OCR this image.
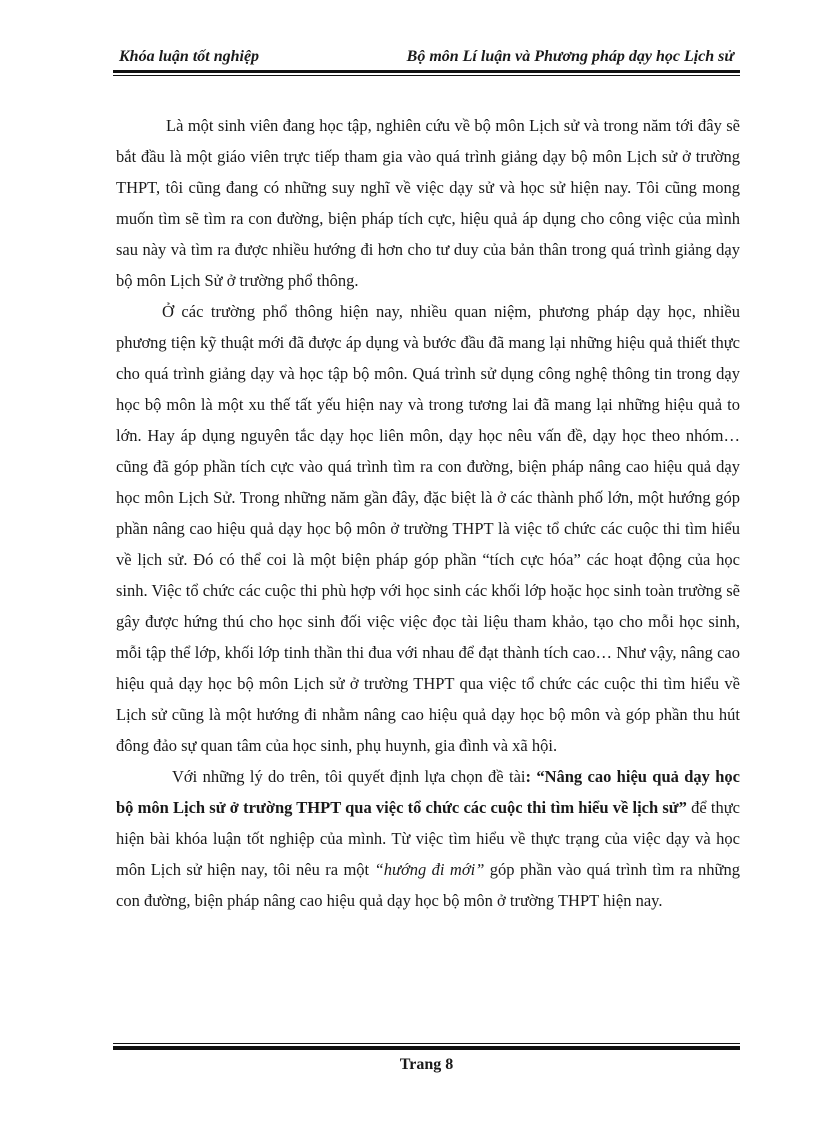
Khóa luận tốt nghiệp	Bộ môn Lí luận và Phương pháp dạy học Lịch sử

Là một sinh viên đang học tập, nghiên cứu về bộ môn Lịch sử và trong năm tới đây sẽ bắt đầu là một giáo viên trực tiếp tham gia vào quá trình giảng dạy bộ môn Lịch sử ở trường THPT, tôi cũng đang có những suy nghĩ về việc dạy sử và học sử hiện nay. Tôi cũng mong muốn tìm sẽ tìm ra con đường, biện pháp tích cực, hiệu quả áp dụng cho công việc của mình sau này và tìm ra được nhiều hướng đi hơn cho tư duy của bản thân trong quá trình giảng dạy bộ môn Lịch Sử ở trường phổ thông.

Ở các trường phổ thông hiện nay, nhiều quan niệm, phương pháp dạy học, nhiều phương tiện kỹ thuật mới đã được áp dụng và bước đầu đã mang lại những hiệu quả thiết thực cho quá trình giảng dạy và học tập bộ môn. Quá trình sử dụng công nghệ thông tin trong dạy học bộ môn là một xu thế tất yếu hiện nay và trong tương lai đã mang lại những hiệu quả to lớn. Hay áp dụng nguyên tắc dạy học liên môn, dạy học nêu vấn đề, dạy học theo nhóm…cũng đã góp phần tích cực vào quá trình tìm ra con đường, biện pháp nâng cao hiệu quả dạy học môn Lịch Sử. Trong những năm gần đây, đặc biệt là ở các thành phố lớn, một hướng góp phần nâng cao hiệu quả dạy học bộ môn ở trường THPT là việc tổ chức các cuộc thi tìm hiểu về lịch sử. Đó có thể coi là một biện pháp góp phần “tích cực hóa” các hoạt động của học sinh. Việc tổ chức các cuộc thi phù hợp với học sinh các khối lớp hoặc học sinh toàn trường sẽ gây được hứng thú cho học sinh đối việc việc đọc tài liệu tham khảo, tạo cho mỗi học sinh, mỗi tập thể lớp, khối lớp tinh thần thi đua với nhau để đạt thành tích cao… Như vậy, nâng cao hiệu quả dạy học bộ môn Lịch sử ở trường THPT qua việc tổ chức các cuộc thi tìm hiểu về Lịch sử cũng là một hướng đi nhằm nâng cao hiệu quả dạy học bộ môn và góp phần thu hút đông đảo sự quan tâm của học sinh, phụ huynh, gia đình và xã hội.

Với những lý do trên, tôi quyết định lựa chọn đề tài: “Nâng cao hiệu quả dạy học bộ môn Lịch sử ở trường THPT qua việc tổ chức các cuộc thi tìm hiểu về lịch sử” để thực hiện bài khóa luận tốt nghiệp của mình. Từ việc tìm hiểu về thực trạng của việc dạy và học môn Lịch sử hiện nay, tôi nêu ra một “hướng đi mới” góp phần vào quá trình tìm ra những con đường, biện pháp nâng cao hiệu quả dạy học bộ môn ở trường THPT hiện nay.

Trang 8
